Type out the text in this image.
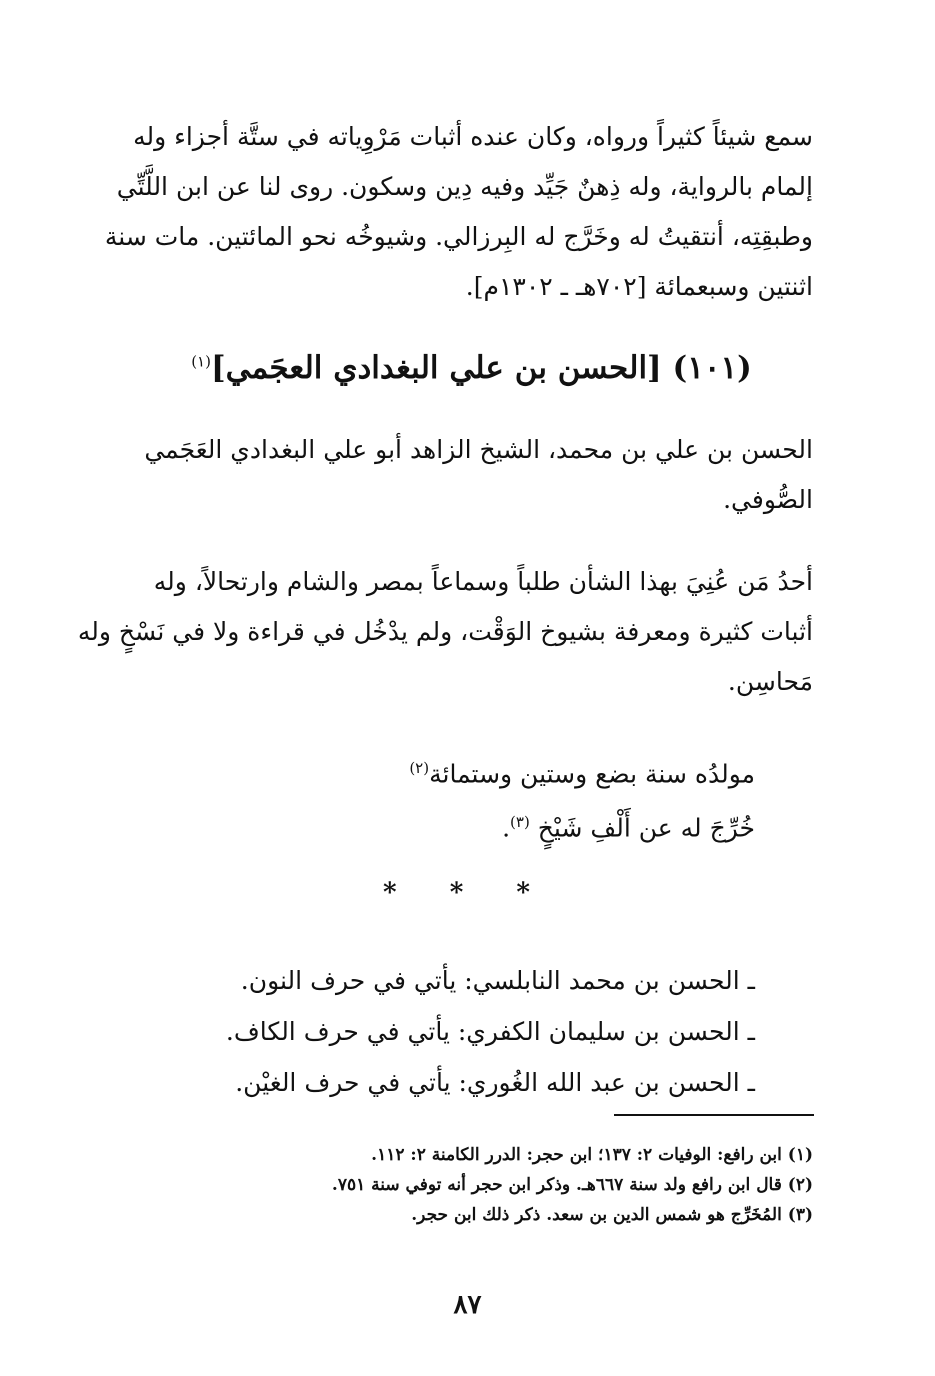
سمع شيئاً كثيراً ورواه، وكان عنده أثبات مَرْوِياته في ستَّة أجزاء وله
إلمام بالرواية، وله ذِهنٌ جَيِّد وفيه دِين وسكون. روى لنا عن ابن اللَّتِّي
وطبقِتِه، أنتقيتُ له وخَرَّج له البِرزالي. وشيوخُه نحو المائتين. مات سنة
اثنتين وسبعمائة [٧٠٢هـ ـ ١٣٠٢م].
(١٠١) [الحسن بن علي البغدادي العجَمي]$^{(١)}$
الحسن بن علي بن محمد، الشيخ الزاهد أبو علي البغدادي العَجَمي
الصُّوفي.
أحدُ مَن عُنِيَ بهذا الشأن طلباً وسماعاً بمصر والشام وارتحالاً، وله
أثبات كثيرة ومعرفة بشيوخ الوَقْت، ولم يدْخُل في قراءة ولا في نَسْخٍ وله
مَحاسِن.
مولدُه سنة بضع وستين وستمائة$^{(٢)}$
خُرِّجَ له عن أَلْفِ شَيْخٍ $^{(٣)}$.
* * *
ـ الحسن بن محمد النابلسي: يأتي في حرف النون.
ـ الحسن بن سليمان الكفري: يأتي في حرف الكاف.
ـ الحسن بن عبد الله الغُوري: يأتي في حرف الغيْن.
(١) ابن رافع: الوفيات ٢: ١٣٧؛ ابن حجر: الدرر الكامنة ٢: ١١٢.
(٢) قال ابن رافع ولد سنة ٦٦٧هـ. وذكر ابن حجر أنه توفي سنة ٧٥١.
(٣) المُخَرِّج هو شمس الدين بن سعد. ذكر ذلك ابن حجر.
٨٧
